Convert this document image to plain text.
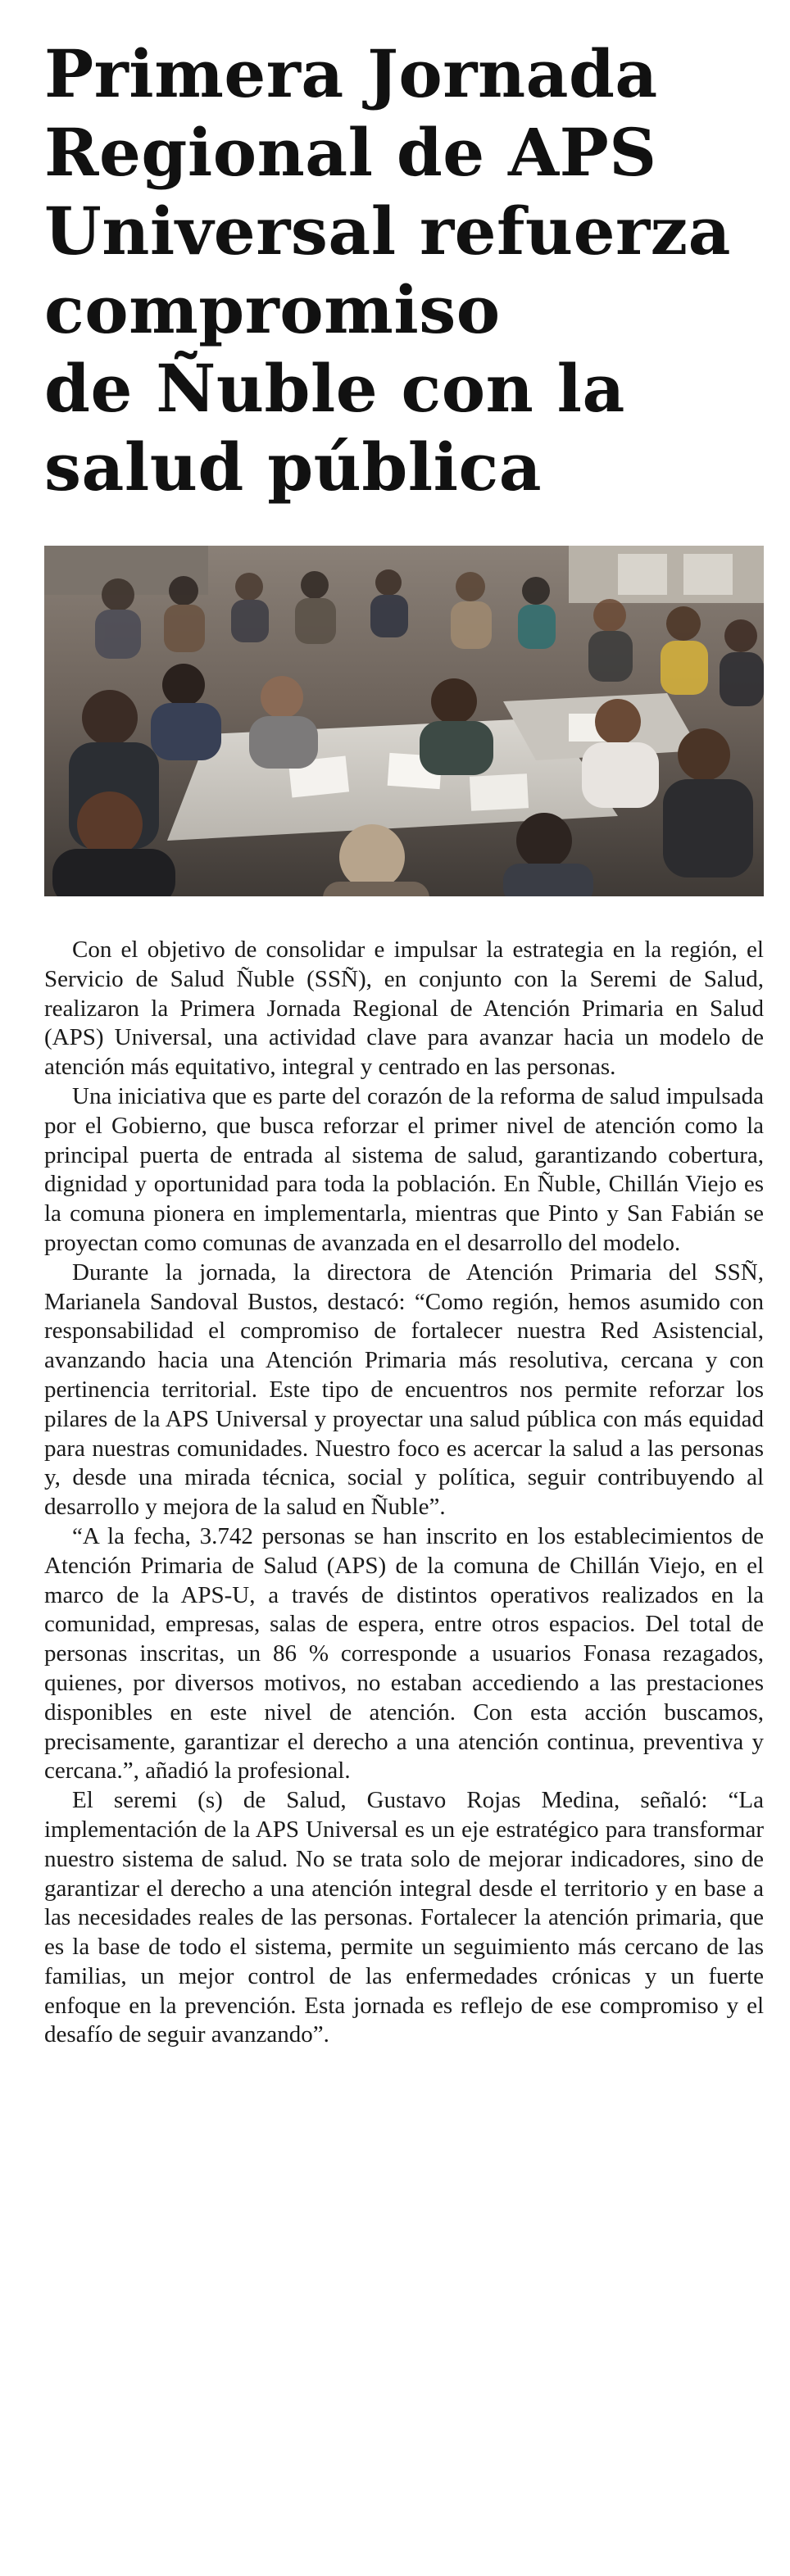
Primera Jornada
Regional de APS
Universal refuerza
compromiso
de Ñuble con la
salud pública

Con el objetivo de consolidar e impulsar la estrategia en la región, el Servicio de Salud Ñuble (SSÑ), en conjunto con la Seremi de Salud, realizaron la Primera Jornada Regional de Atención Primaria en Salud (APS) Universal, una actividad clave para avanzar hacia un modelo de atención más equitativo, integral y centrado en las personas.

Una iniciativa que es parte del corazón de la reforma de salud impulsada por el Gobierno, que busca reforzar el primer nivel de atención como la principal puerta de entrada al sistema de salud, garantizando cobertura, dignidad y oportunidad para toda la población. En Ñuble, Chillán Viejo es la comuna pionera en implementarla, mientras que Pinto y San Fabián se proyectan como comunas de avanzada en el desarrollo del modelo.

Durante la jornada, la directora de Atención Primaria del SSÑ, Marianela Sandoval Bustos, destacó: “Como región, hemos asumido con responsabilidad el compromiso de fortalecer nuestra Red Asistencial, avanzando hacia una Atención Primaria más resolutiva, cercana y con pertinencia territorial. Este tipo de encuentros nos permite reforzar los pilares de la APS Universal y proyectar una salud pública con más equidad para nuestras comunidades. Nuestro foco es acercar la salud a las personas y, desde una mirada técnica, social y política, seguir contribuyendo al desarrollo y mejora de la salud en Ñuble”.

“A la fecha, 3.742 personas se han inscrito en los establecimientos de Atención Primaria de Salud (APS) de la comuna de Chillán Viejo, en el marco de la APS-U, a través de distintos operativos realizados en la comunidad, empresas, salas de espera, entre otros espacios. Del total de personas inscritas, un 86 % corresponde a usuarios Fonasa rezagados, quienes, por diversos motivos, no estaban accediendo a las prestaciones disponibles en este nivel de atención. Con esta acción buscamos, precisamente, garantizar el derecho a una atención continua, preventiva y cercana.”, añadió la profesional.

El seremi (s) de Salud, Gustavo Rojas Medina, señaló: “La implementación de la APS Universal es un eje estratégico para transformar nuestro sistema de salud. No se trata solo de mejorar indicadores, sino de garantizar el derecho a una atención integral desde el territorio y en base a las necesidades reales de las personas. Fortalecer la atención primaria, que es la base de todo el sistema, permite un seguimiento más cercano de las familias, un mejor control de las enfermedades crónicas y un fuerte enfoque en la prevención. Esta jornada es reflejo de ese compromiso y el desafío de seguir avanzando”.
